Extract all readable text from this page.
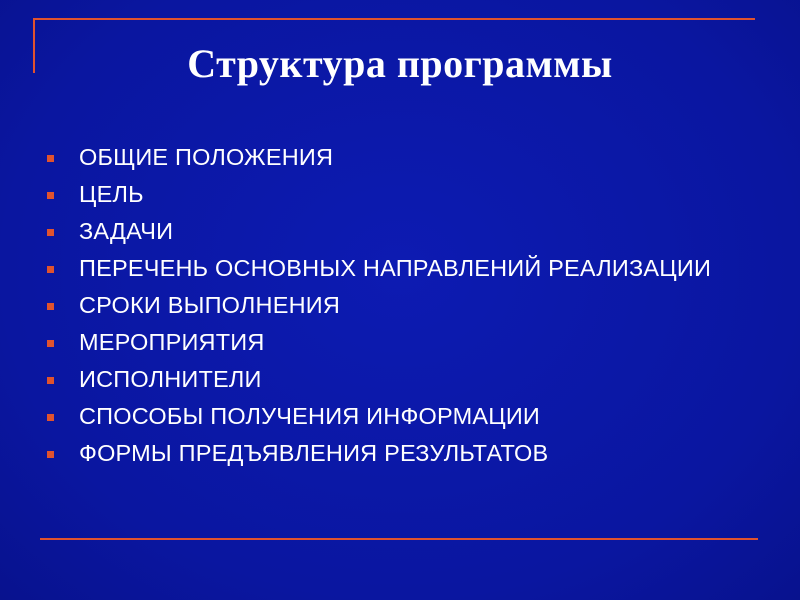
Структура программы
ОБЩИЕ ПОЛОЖЕНИЯ
ЦЕЛЬ
ЗАДАЧИ
ПЕРЕЧЕНЬ ОСНОВНЫХ НАПРАВЛЕНИЙ РЕАЛИЗАЦИИ
СРОКИ ВЫПОЛНЕНИЯ
МЕРОПРИЯТИЯ
ИСПОЛНИТЕЛИ
СПОСОБЫ ПОЛУЧЕНИЯ ИНФОРМАЦИИ
ФОРМЫ ПРЕДЪЯВЛЕНИЯ РЕЗУЛЬТАТОВ
